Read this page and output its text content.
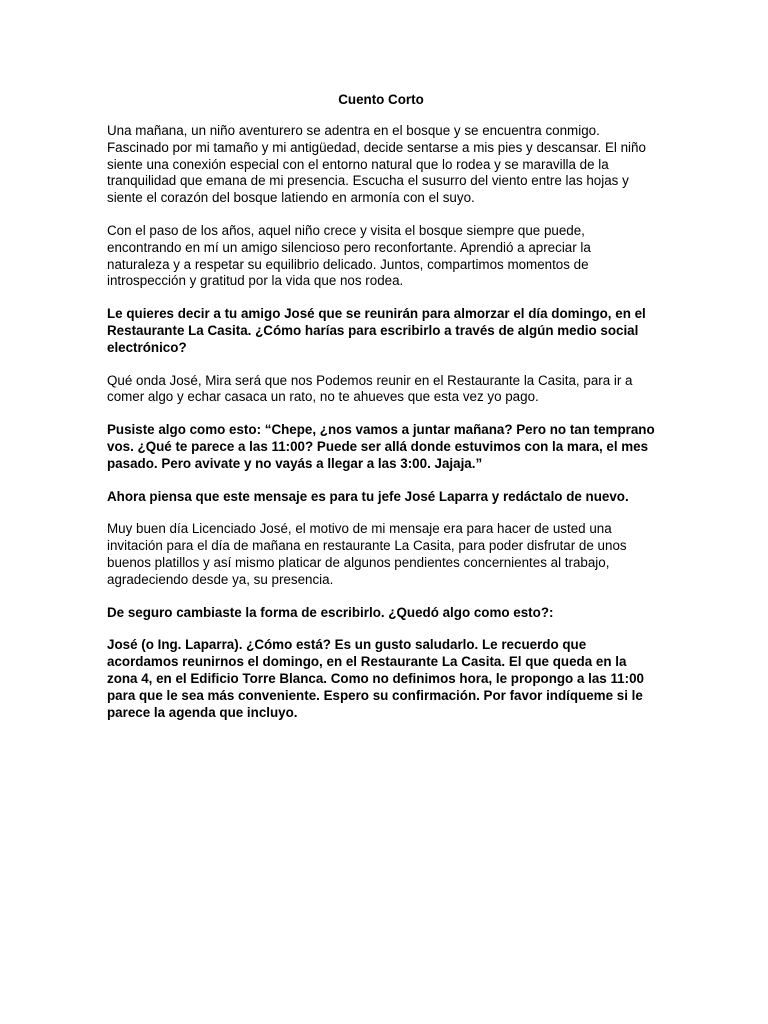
Cuento Corto
Una mañana, un niño aventurero se adentra en el bosque y se encuentra conmigo. Fascinado por mi tamaño y mi antigüedad, decide sentarse a mis pies y descansar. El niño siente una conexión especial con el entorno natural que lo rodea y se maravilla de la tranquilidad que emana de mi presencia. Escucha el susurro del viento entre las hojas y siente el corazón del bosque latiendo en armonía con el suyo.
Con el paso de los años, aquel niño crece y visita el bosque siempre que puede, encontrando en mí un amigo silencioso pero reconfortante. Aprendió a apreciar la naturaleza y a respetar su equilibrio delicado. Juntos, compartimos momentos de introspección y gratitud por la vida que nos rodea.
Le quieres decir a tu amigo José que se reunirán para almorzar el día domingo, en el Restaurante La Casita. ¿Cómo harías para escribirlo a través de algún medio social electrónico?
Qué onda José, Mira será que nos Podemos reunir en el Restaurante la Casita, para ir a comer algo y echar casaca un rato, no te ahueves que esta vez yo pago.
Pusiste algo como esto: “Chepe, ¿nos vamos a juntar mañana? Pero no tan temprano vos. ¿Qué te parece a las 11:00? Puede ser allá donde estuvimos con la mara, el mes pasado. Pero avivate y no vayás a llegar a las 3:00. Jajaja.”
Ahora piensa que este mensaje es para tu jefe José Laparra y redáctalo de nuevo.
Muy buen día Licenciado José, el motivo de mi mensaje era para hacer de usted una invitación para el día de mañana en restaurante La Casita, para poder disfrutar de unos buenos platillos y así mismo platicar de algunos pendientes concernientes al trabajo, agradeciendo desde ya, su presencia.
De seguro cambiaste la forma de escribirlo. ¿Quedó algo como esto?:
José (o Ing. Laparra). ¿Cómo está? Es un gusto saludarlo. Le recuerdo que acordamos reunirnos el domingo, en el Restaurante La Casita. El que queda en la zona 4, en el Edificio Torre Blanca. Como no definimos hora, le propongo a las 11:00 para que le sea más conveniente. Espero su confirmación. Por favor indíqueme si le parece la agenda que incluyo.
